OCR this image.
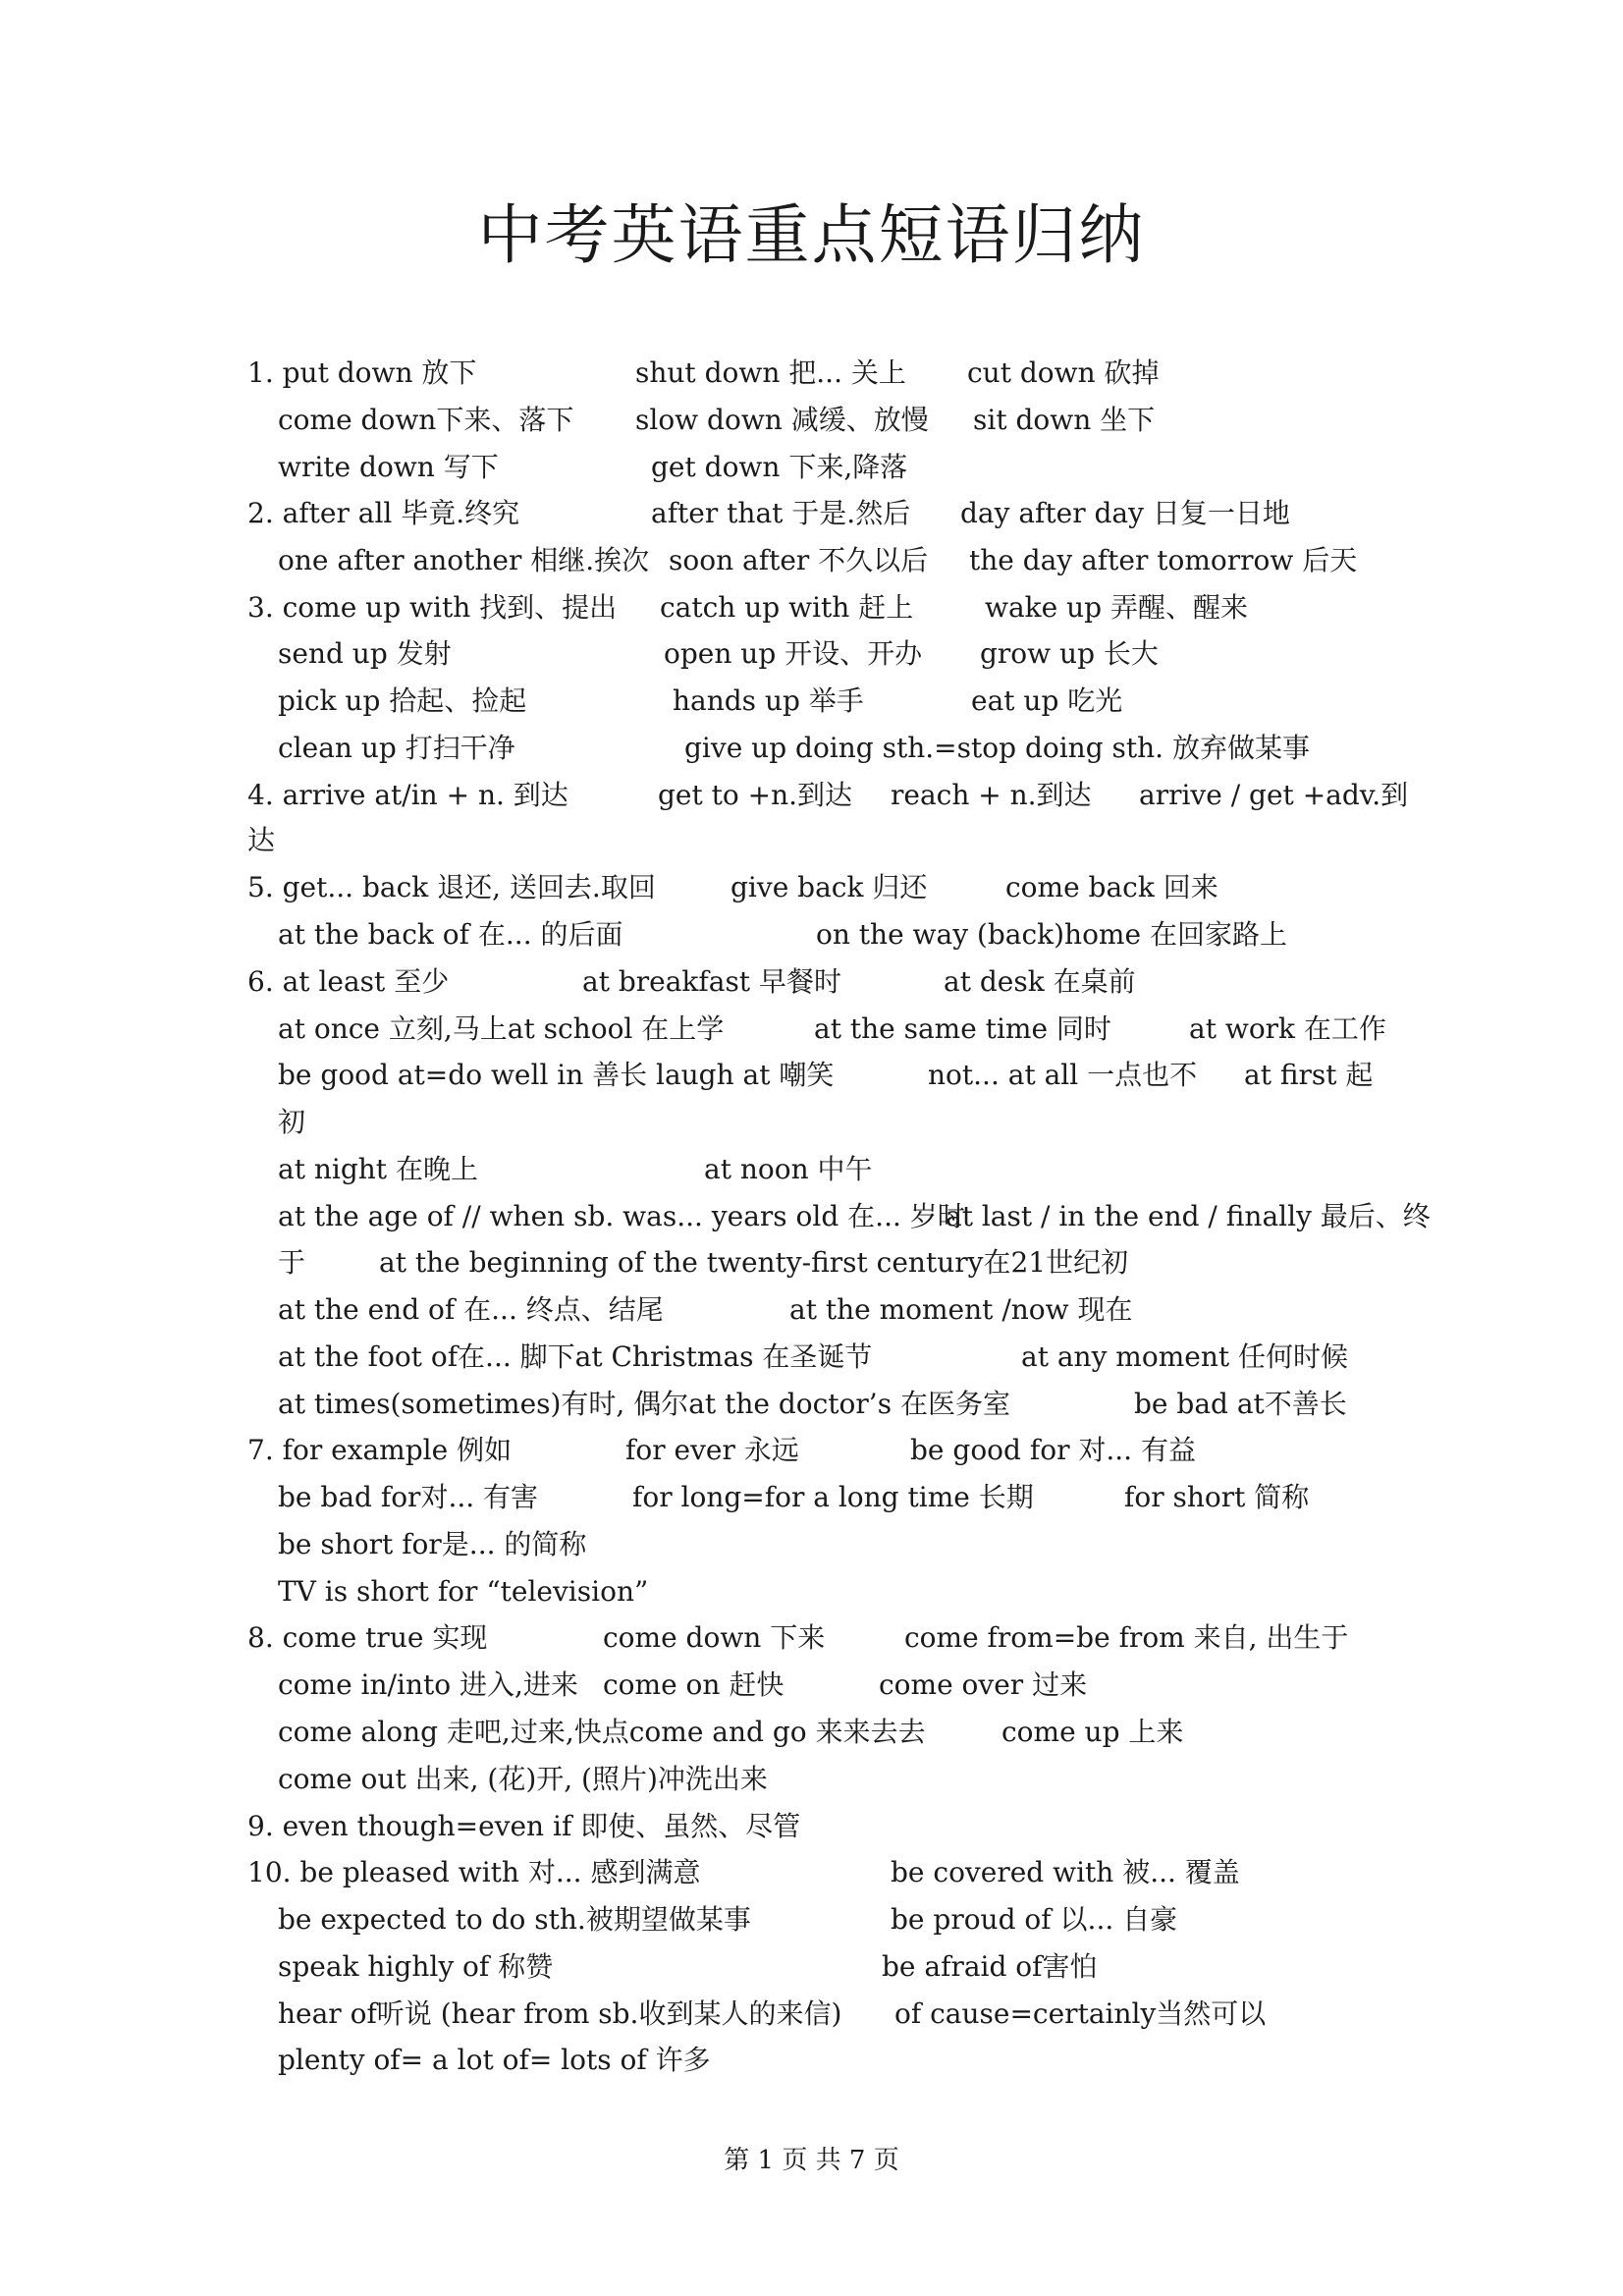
中考英语重点短语归纳
1. put down 放下	shut down 把... 关上 cut down 砍掉
come down下来、落下 slow down 减缓、放慢 sit down 坐下
write down 写下	get down 下来,降落
2. after all 毕竟.终究	after that 于是.然后 day after day 日复一日地
one after another 相继.挨次 soon after 不久以后 the day after tomorrow 后天
3. come up with 找到、提出 catch up with 赶上	wake up 弄醒、醒来
send up 发射	open up 开设、开办 grow up 长大
pick up 拾起、捡起	hands up 举手	eat up 吃光
clean up 打扫干净	give up doing sth.=stop doing sth. 放弃做某事
4. arrive at/in + n. 到达	get to +n.到达 reach + n.到达 arrive / get +adv.到
达
5. get... back 退还, 送回去.取回	give back 归还	come back 回来
at the back of 在... 的后面	on the way (back)home 在回家路上
6. at least 至少	at breakfast 早餐时	at desk 在桌前
at once 立刻,马上at school 在上学	at the same time 同时	at work 在工作
be good at=do well in 善长 laugh at 嘲笑	not... at all 一点也不 at first 起
初
at night 在晚上	at noon 中午
at the age of // when sb. was... years old 在... 岁时
at last / in the end / finally 最后、终
于	at the beginning of the twenty-first century在21世纪初
at the end of 在... 终点、结尾	at the moment /now 现在
at the foot of在... 脚下at Christmas 在圣诞节	at any moment 任何时候
at times(sometimes)有时, 偶尔at the doctor’s 在医务室	be bad at不善长
7. for example 例如	for ever 永远	be good for 对... 有益
be bad for对... 有害	for long=for a long time 长期	for short 简称
be short for是... 的简称
TV is short for “television”
8. come true 实现	come down 下来	come from=be from 来自, 出生于
come in/into 进入,进来 come on 赶快	come over 过来
come along 走吧,过来,快点come and go 来来去去	come up 上来
come out 出来, (花)开, (照片)冲洗出来
9. even though=even if 即使、虽然、尽管
10. be pleased with 对... 感到满意	be covered with 被... 覆盖
be expected to do sth.被期望做某事	be proud of 以... 自豪
speak highly of 称赞	be afraid of害怕
hear of听说 (hear from sb.收到某人的来信) of cause=certainly当然可以
plenty of= a lot of= lots of 许多
第 1 页 共 7 页
